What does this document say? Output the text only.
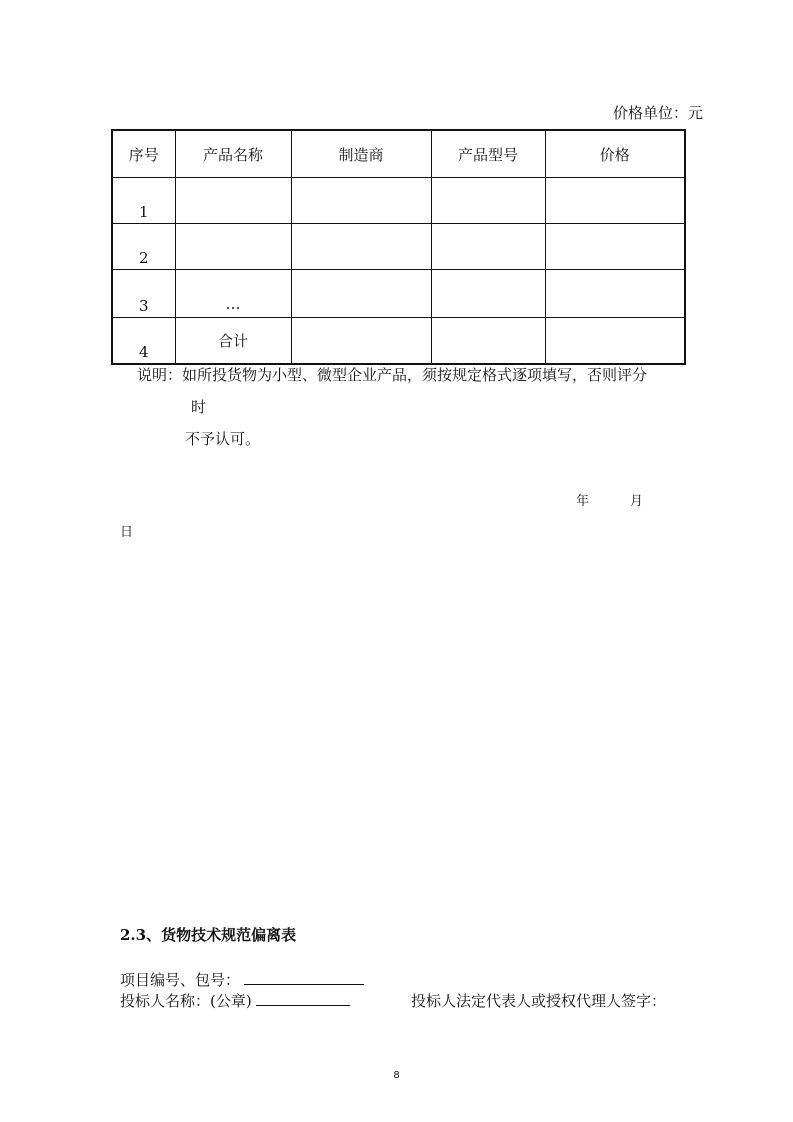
价格单位：元
序号	产品名称	制造商	产品型号	价格
1				
2				
3	…			
4	合计			
说明：如所投货物为小型、微型企业产品，须按规定格式逐项填写，否则评分
时
不予认可。
年	月
日
2.3、货物技术规范偏离表
项目编号、包号：
投标人名称：(公章)	投标人法定代表人或授权代理人签字：
8
